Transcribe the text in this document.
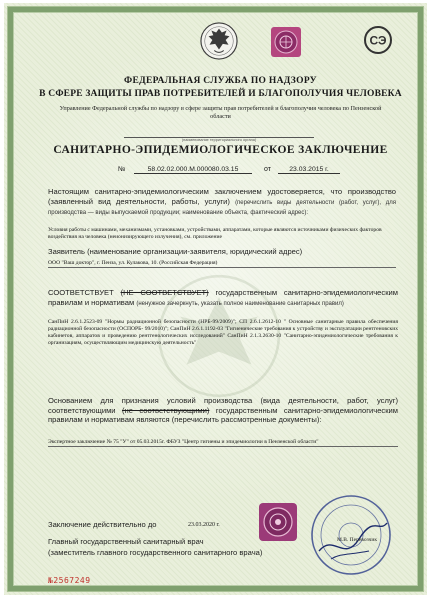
СЭ
ФЕДЕРАЛЬНАЯ СЛУЖБА ПО НАДЗОРУ
В СФЕРЕ ЗАЩИТЫ ПРАВ ПОТРЕБИТЕЛЕЙ И БЛАГОПОЛУЧИЯ ЧЕЛОВЕКА
Управление Федеральной службы по надзору в сфере защиты прав потребителей и благополучия человека по Пензенской области
(наименование территориального органа)
САНИТАРНО-ЭПИДЕМИОЛОГИЧЕСКОЕ ЗАКЛЮЧЕНИЕ
№	58.02.02.000.М.000080.03.15	от	23.03.2015 г.
Настоящим санитарно-эпидемиологическим заключением удостоверяется, что производство (заявленный вид деятельности, работы, услуги) (перечислить виды деятельности (работ, услуг), для производства — виды выпускаемой продукции; наименование объекта, фактический адрес):
Условия работы с машинами, механизмами, установками, устройствами, аппаратами, которые являются источниками физических факторов воздействия на человека (неионизирующего излучения), см. приложение
Заявитель (наименование организации-заявителя, юридический адрес)
ООО "Ваш доктор", г. Пенза, ул. Кулакова, 10. (Российская Федерация)
СООТВЕТСТВУЕТ (НЕ СООТВЕТСТВУЕТ) государственным санитарно-эпидемиологическим правилам и нормативам (ненужное зачеркнуть, указать полное наименование санитарных правил)
СанПиН 2.6.1.2523-09 "Нормы радиационной безопасности (НРБ-99/2009)"; СП 2.6.1.2612-10 " Основные санитарные правила обеспечения радиационной безопасности (ОСПОРБ- 99/2010)"; СанПиН 2.6.1.1192-03 "Гигиенические требования к устройству и эксплуатации рентгеновских кабинетов, аппаратов и проведению рентгенологических исследований" СанПиН 2.1.3.2630-10 "Санитарно-эпидемиологические требования к организациям, осуществляющим медицинскую деятельность"
Основанием для признания условий производства (вида деятельности, работ, услуг) соответствующими (не соответствующими) государственным санитарно-эпидемиологическим правилам и нормативам являются (перечислить рассмотренные документы):
Экспертное заключение № 75 "У" от 05.03.2015г. ФБУЗ "Центр гигиены и эпидемиологии в Пензенской области"
Заключение действительно до	23.03.2020 г.
Главный государственный санитарный врач
(заместитель главного государственного санитарного врача)
М.В. Перевозчик
№2567249
